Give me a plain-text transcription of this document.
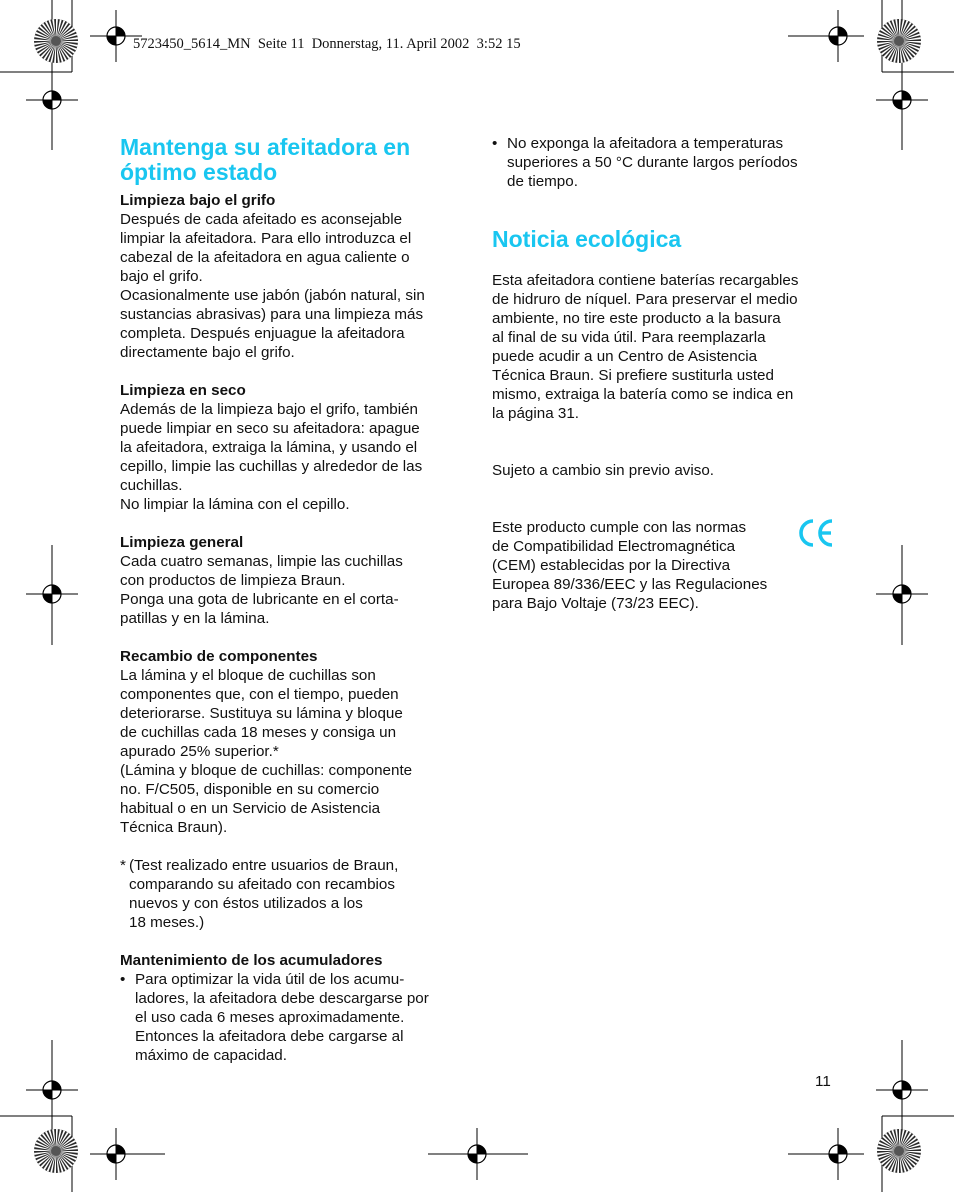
5723450_5614_MN  Seite 11  Donnerstag, 11. April 2002  3:52 15
Mantenga su afeitadora en óptimo estado
Limpieza bajo el grifo

Después de cada afeitado es aconsejable

limpiar la afeitadora. Para ello introduzca el

cabezal de la afeitadora en agua caliente o

bajo el grifo.

Ocasionalmente use jabón (jabón natural, sin

sustancias abrasivas) para una limpieza más

completa. Después enjuague la afeitadora

directamente bajo el grifo.

Limpieza en seco

Además de la limpieza bajo el grifo, también

puede limpiar en seco su afeitadora: apague

la afeitadora, extraiga la lámina, y usando el

cepillo, limpie las cuchillas y alrededor de las

cuchillas.

No limpiar la lámina con el cepillo.

Limpieza general

Cada cuatro semanas, limpie las cuchillas

con productos de limpieza Braun.

Ponga una gota de lubricante en el corta-

patillas y en la lámina.

Recambio de componentes

La lámina y el bloque de cuchillas son

componentes que, con el tiempo, pueden

deteriorarse. Sustituya su lámina y bloque

de cuchillas cada 18 meses y consiga un

apurado 25% superior.*

(Lámina y bloque de cuchillas: componente

no. F/C505, disponible en su comercio

habitual o en un Servicio de Asistencia

Técnica Braun).

* (Test realizado entre usuarios de Braun,

comparando su afeitado con recambios

nuevos y con éstos utilizados a los

18 meses.)

Mantenimiento de los acumuladores
• Para optimizar la vida útil de los acumu-

ladores, la afeitadora debe descargarse por

el uso cada 6 meses aproximadamente.

Entonces la afeitadora debe cargarse al

máximo de capacidad.

• No exponga la afeitadora a temperaturas

superiores a 50 °C durante largos períodos

de tiempo.

Noticia ecológica

Esta afeitadora contiene baterías recargables

de hidruro de níquel. Para preservar el medio

ambiente, no tire este producto a la basura

al final de su vida útil. Para reemplazarla

puede acudir a un Centro de Asistencia

Técnica Braun. Si prefiere sustiturla usted

mismo, extraiga la batería como se indica en

la página 31.

Sujeto a cambio sin previo aviso.

Este producto cumple con las normas

de Compatibilidad Electromagnética

(CEM) establecidas por la Directiva

Europea 89/336/EEC y las Regulaciones

para Bajo Voltaje (73/23 EEC).

11
